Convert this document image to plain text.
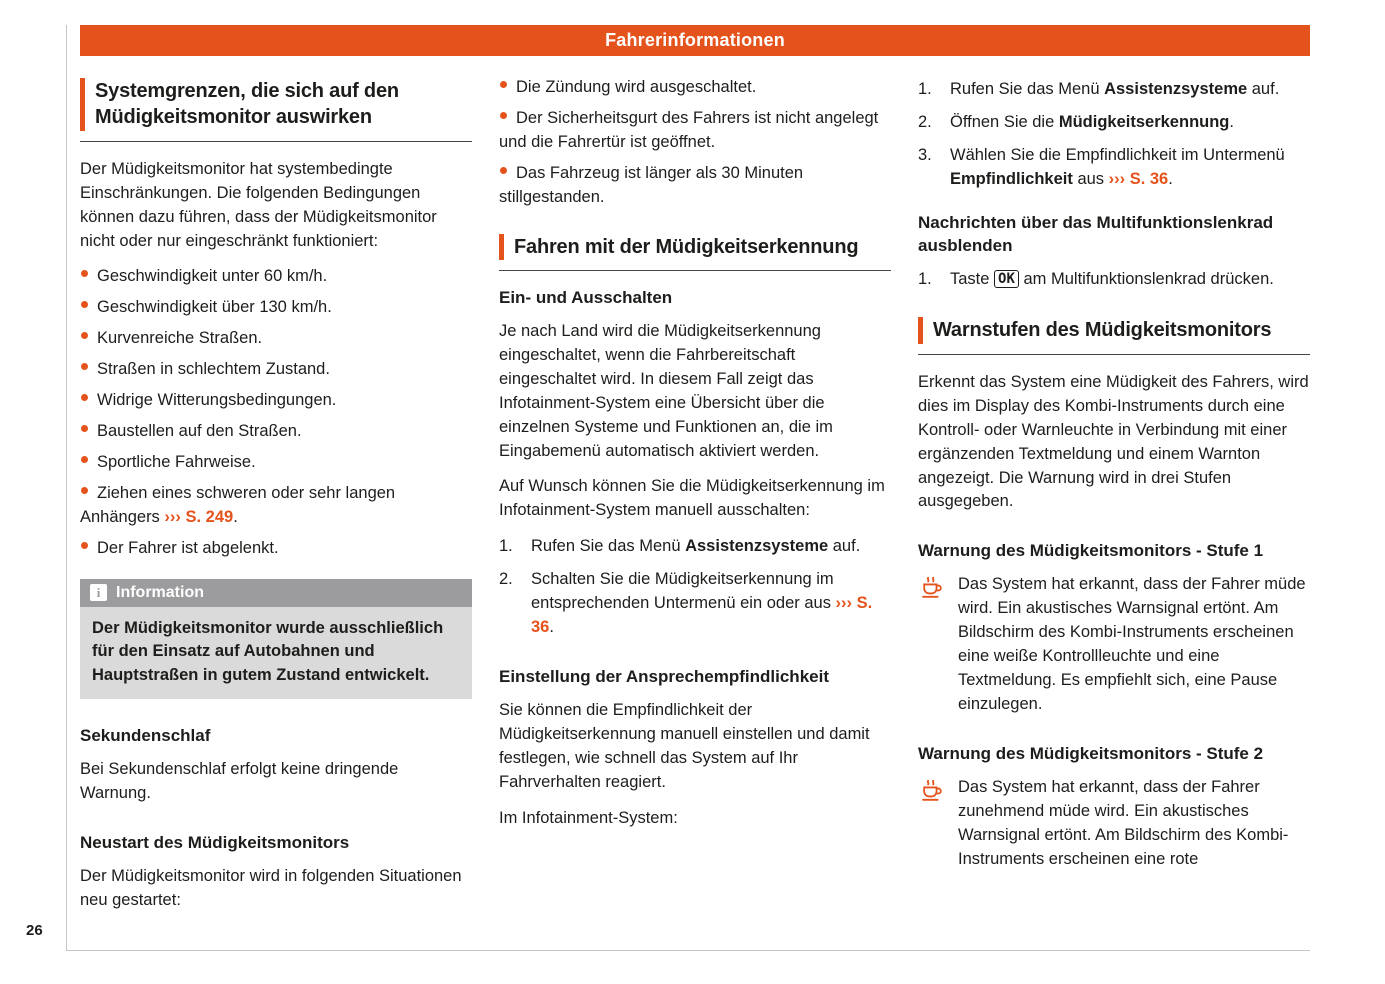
Fahrerinformationen
26
Systemgrenzen, die sich auf den Müdigkeitsmonitor auswirken

Der Müdigkeitsmonitor hat systembedingte Einschränkungen. Die folgenden Bedingungen können dazu führen, dass der Müdigkeitsmonitor nicht oder nur eingeschränkt funktioniert:

Geschwindigkeit unter 60 km/h.
Geschwindigkeit über 130 km/h.
Kurvenreiche Straßen.
Straßen in schlechtem Zustand.
Widrige Witterungsbedingungen.
Baustellen auf den Straßen.
Sportliche Fahrweise.
Ziehen eines schweren oder sehr langen Anhängers ››› S. 249.
Der Fahrer ist abgelenkt.
i Information
Der Müdigkeitsmonitor wurde ausschließlich für den Einsatz auf Autobahnen und Hauptstraßen in gutem Zustand entwickelt.
Sekundenschlaf

Bei Sekundenschlaf erfolgt keine dringende Warnung.

Neustart des Müdigkeitsmonitors

Der Müdigkeitsmonitor wird in folgenden Situationen neu gestartet:

Die Zündung wird ausgeschaltet.
Der Sicherheitsgurt des Fahrers ist nicht angelegt und die Fahrertür ist geöffnet.
Das Fahrzeug ist länger als 30 Minuten stillgestanden.
Fahren mit der Müdigkeitserkennung
Ein- und Ausschalten

Je nach Land wird die Müdigkeitserkennung eingeschaltet, wenn die Fahrbereitschaft eingeschaltet wird. In diesem Fall zeigt das Infotainment-System eine Übersicht über die einzelnen Systeme und Funktionen an, die im Eingabemenü automatisch aktiviert werden.

Auf Wunsch können Sie die Müdigkeitserkennung im Infotainment-System manuell ausschalten:

1.	Rufen Sie das Menü Assistenzsysteme auf.
2.	Schalten Sie die Müdigkeitserkennung im entsprechenden Untermenü ein oder aus ››› S. 36.
Einstellung der Ansprechempfindlichkeit

Sie können die Empfindlichkeit der Müdigkeitserkennung manuell einstellen und damit festlegen, wie schnell das System auf Ihr Fahrverhalten reagiert.

Im Infotainment-System:

1.	Rufen Sie das Menü Assistenzsysteme auf.
2.	Öffnen Sie die Müdigkeitserkennung.
3.	Wählen Sie die Empfindlichkeit im Untermenü Empfindlichkeit aus ››› S. 36.
Nachrichten über das Multifunktionslenkrad ausblenden
1.	Taste OK am Multifunktionslenkrad drücken.
Warnstufen des Müdigkeitsmonitors

Erkennt das System eine Müdigkeit des Fahrers, wird dies im Display des Kombi-Instruments durch eine Kontroll- oder Warnleuchte in Verbindung mit einer ergänzenden Textmeldung und einem Warnton angezeigt. Die Warnung wird in drei Stufen ausgegeben.

Warnung des Müdigkeitsmonitors - Stufe 1

Das System hat erkannt, dass der Fahrer müde wird. Ein akustisches Warnsignal ertönt. Am Bildschirm des Kombi-Instruments erscheinen eine weiße Kontrollleuchte und eine Textmeldung. Es empfiehlt sich, eine Pause einzulegen.

Warnung des Müdigkeitsmonitors - Stufe 2

Das System hat erkannt, dass der Fahrer zunehmend müde wird. Ein akustisches Warnsignal ertönt. Am Bildschirm des Kombi-Instruments erscheinen eine rote
